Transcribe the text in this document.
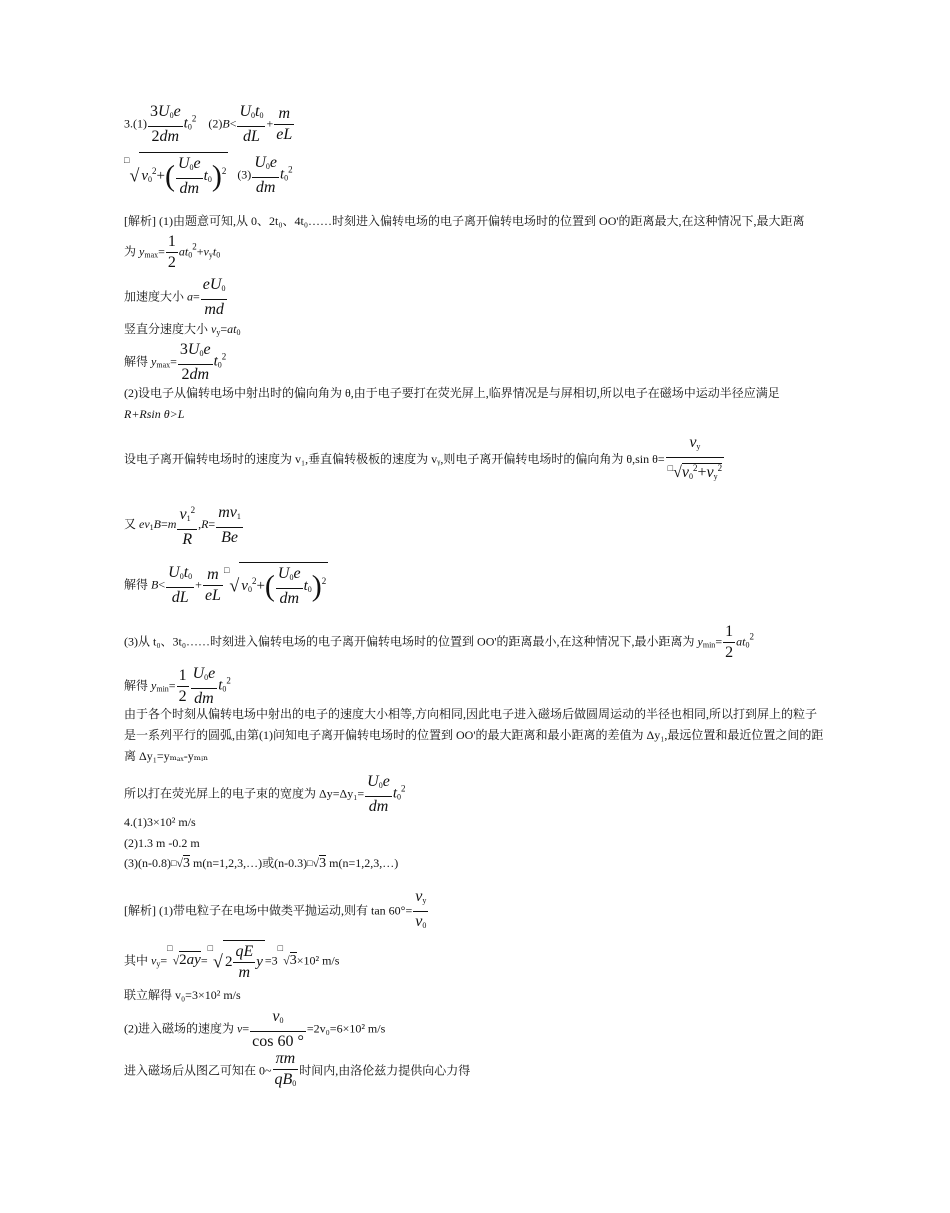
$3.(1) \frac{3U_0e}{2dm} t_0^2$ $(2)B< \frac{U_0t_0}{dL} + \frac{m}{eL}$
□√ $v_0^2+( \frac{U_0e}{dm} t_0)^2$ $(3) \frac{U_0e}{dm} t_0^2$
[解析] (1)由题意可知,从 0、2t₀、4t₀……时刻进入偏转电场的电子离开偏转电场时的位置到 OO'的距离最大,在这种情况下,最大距离
为 $y_{max}= \frac{1}{2} at_0^2+v_yt_0$
加速度大小 $a= \frac{eU_0}{md}$
竖直分速度大小 $v_y=at_0$
解得 $y_{max}= \frac{3U_0e}{2dm} t_0^2$
(2)设电子从偏转电场中射出时的偏向角为 θ,由于电子要打在荧光屏上,临界情况是与屏相切,所以电子在磁场中运动半径应满足
R+Rsin θ>L
设电子离开偏转电场时的速度为 v₁,垂直偏转极板的速度为 vᵧ,则电子离开偏转电场时的偏向角为 θ,sin $\theta= \frac{v_y}{^□√v_0^2+v_y^2}$
又 $ev_1B=m \frac{v_1^2}{R} ,R= \frac{mv_1}{Be}$
解得 $B< \frac{U_0t_0}{dL} + \frac{m}{eL} ^□√$ $v_0^2+( \frac{U_0e}{dm} t_0)^2$
(3)从 t₀、3t₀……时刻进入偏转电场的电子离开偏转电场时的位置到 OO'的距离最小,在这种情况下,最小距离为 $y_{min}= \frac{1}{2} at_0^2$
解得 $y_{min}= \frac{1}{2} \frac{U_0e}{dm} t_0^2$
由于各个时刻从偏转电场中射出的电子的速度大小相等,方向相同,因此电子进入磁场后做圆周运动的半径也相同,所以打到屏上的粒子是一系列平行的圆弧,由第(1)问知电子离开偏转电场时的位置到 OO'的最大距离和最小距离的差值为 Δy₁,最远位置和最近位置之间的距离 Δy₁=yₘₐₓ-yₘᵢₙ
所以打在荧光屏上的电子束的宽度为 $\Delta y=\Delta y_1= \frac{U_0e}{dm} t_0^2$
4.(1)3×10² m/s
(2)1.3 m -0.2 m
(3)(n-0.8)□√3 m(n=1,2,3,…)或(n-0.3)□√3 m(n=1,2,3,…)
[解析] (1)带电粒子在电场中做类平抛运动,则有 $\tan 60^\circ= \frac{v_y}{v_0}$
其中 $v_y=^□√2ay=^□√$ $2 \frac{qE}{m}$ y =3□√3×10² m/s
联立解得 v₀=3×10² m/s
(2)进入磁场的速度为 $v= \frac{v_0}{\cos 60 ^\circ} =2v_0=6\times 10^2$ m/s
进入磁场后从图乙可知在 0~ $\frac{\pi m}{qB_0}$ 时间内,由洛伦兹力提供向心力得
